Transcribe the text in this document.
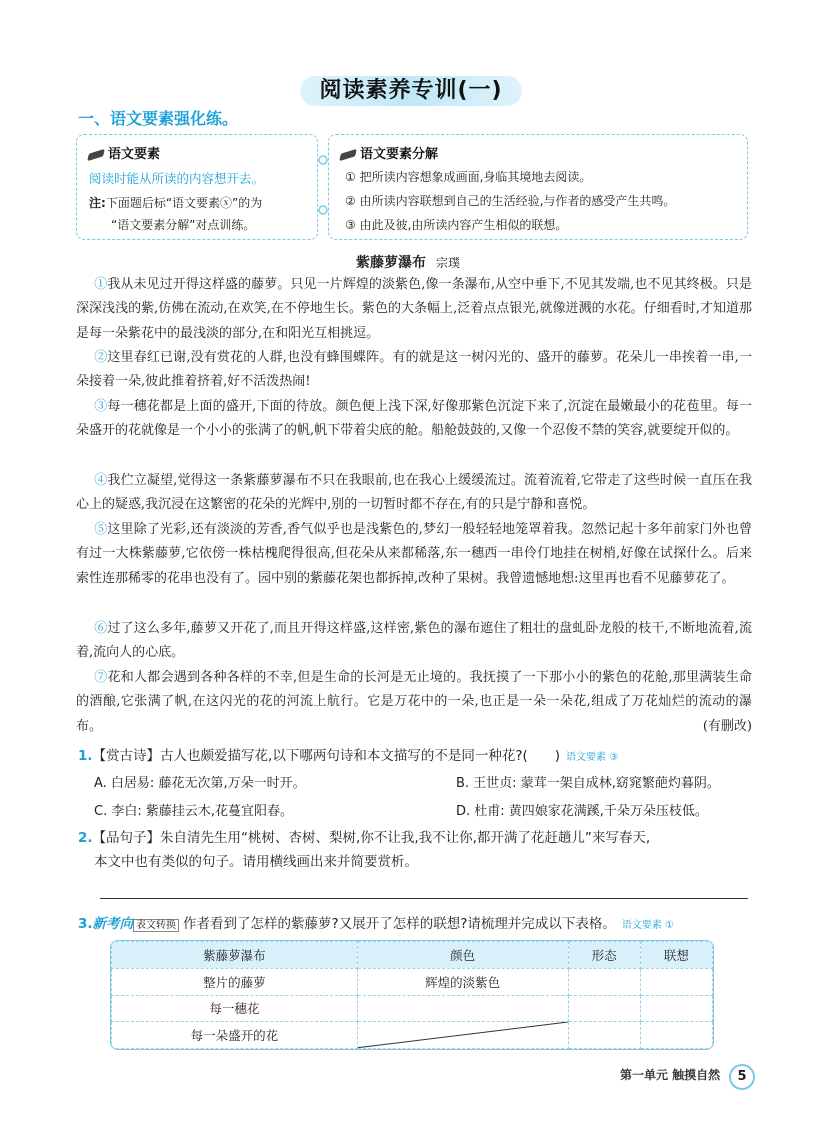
阅读素养专训(一)
一、语文要素强化练。
语文要素
阅读时能从所读的内容想开去。
注:下面题后标“语文要素ⓧ”的为
“语文要素分解”对点训练。
语文要素分解
① 把所读内容想象成画面,身临其境地去阅读。
② 由所读内容联想到自己的生活经验,与作者的感受产生共鸣。
③ 由此及彼,由所读内容产生相似的联想。
紫藤萝瀑布 宗璞
①我从未见过开得这样盛的藤萝。只见一片辉煌的淡紫色,像一条瀑布,从空中垂下,不见其发端,也不见其终极。只是深深浅浅的紫,仿佛在流动,在欢笑,在不停地生长。紫色的大条幅上,泛着点点银光,就像迸溅的水花。仔细看时,才知道那是每一朵紫花中的最浅淡的部分,在和阳光互相挑逗。
②这里春红已谢,没有赏花的人群,也没有蜂围蝶阵。有的就是这一树闪光的、盛开的藤萝。花朵儿一串挨着一串,一朵接着一朵,彼此推着挤着,好不活泼热闹!
③每一穗花都是上面的盛开,下面的待放。颜色便上浅下深,好像那紫色沉淀下来了,沉淀在最嫩最小的花苞里。每一朵盛开的花就像是一个小小的张满了的帆,帆下带着尖底的舱。船舱鼓鼓的,又像一个忍俊不禁的笑容,就要绽开似的。
④我伫立凝望,觉得这一条紫藤萝瀑布不只在我眼前,也在我心上缓缓流过。流着流着,它带走了这些时候一直压在我心上的疑惑,我沉浸在这繁密的花朵的光辉中,别的一切暂时都不存在,有的只是宁静和喜悦。
⑤这里除了光彩,还有淡淡的芳香,香气似乎也是浅紫色的,梦幻一般轻轻地笼罩着我。忽然记起十多年前家门外也曾有过一大株紫藤萝,它依傍一株枯槐爬得很高,但花朵从来都稀落,东一穗西一串伶仃地挂在树梢,好像在试探什么。后来索性连那稀零的花串也没有了。园中别的紫藤花架也都拆掉,改种了果树。我曾遗憾地想:这里再也看不见藤萝花了。
⑥过了这么多年,藤萝又开花了,而且开得这样盛,这样密,紫色的瀑布遮住了粗壮的盘虬卧龙般的枝干,不断地流着,流着,流向人的心底。
⑦花和人都会遇到各种各样的不幸,但是生命的长河是无止境的。我抚摸了一下那小小的紫色的花舱,那里满装生命的酒酿,它张满了帆,在这闪光的花的河流上航行。它是万花中的一朵,也正是一朵一朵花,组成了万花灿烂的流动的瀑布。	(有删改)
1.【赏古诗】古人也颇爱描写花,以下哪两句诗和本文描写的不是同一种花?(　　) 语文要素 ③
A. 白居易: 藤花无次第,万朵一时开。	B. 王世贞: 蒙茸一架自成林,窈窕繁葩灼暮阴。
C. 李白: 紫藤挂云木,花蔓宜阳春。	D. 杜甫: 黄四娘家花满蹊,千朵万朵压枝低。
2.【品句子】朱自清先生用“桃树、杏树、梨树,你不让我,我不让你,都开满了花赶趟儿”来写春天,
本文中也有类似的句子。请用横线画出来并简要赏析。
3.新考向 表文转换 作者看到了怎样的紫藤萝?又展开了怎样的联想?请梳理并完成以下表格。 语文要素 ①
紫藤萝瀑布	颜色	形态	联想
整片的藤萝	辉煌的淡紫色		
每一穗花			
每一朵盛开的花	

第一单元 触摸自然	5
